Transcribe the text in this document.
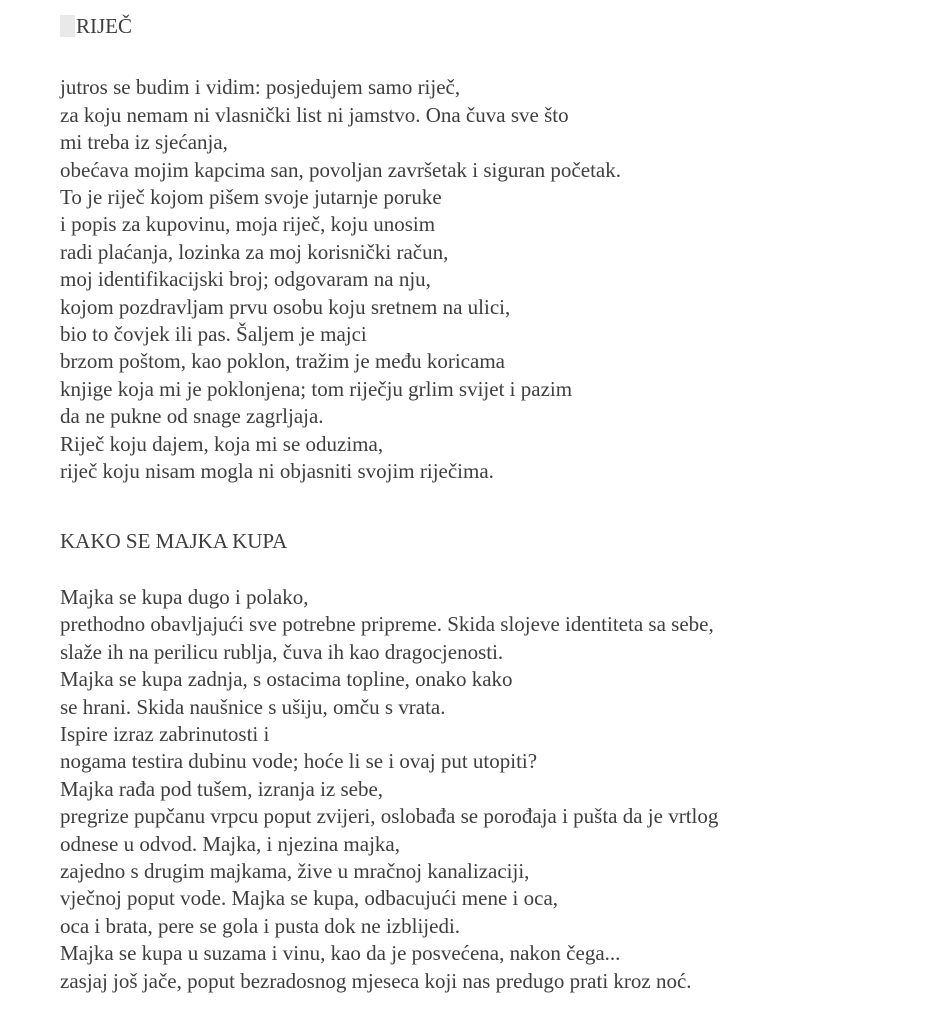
RIJEČ
jutros se budim i vidim: posjedujem samo riječ,
za koju nemam ni vlasnički list ni jamstvo. Ona čuva sve što
mi treba iz sjećanja,
obećava mojim kapcima san, povoljan završetak i siguran početak.
To je riječ kojom pišem svoje jutarnje poruke
i popis za kupovinu, moja riječ, koju unosim
radi plaćanja, lozinka za moj korisnički račun,
moj identifikacijski broj; odgovaram na nju,
kojom pozdravljam prvu osobu koju sretnem na ulici,
bio to čovjek ili pas. Šaljem je majci
brzom poštom, kao poklon, tražim je među koricama
knjige koja mi je poklonjena; tom riječju grlim svijet i pazim
da ne pukne od snage zagrljaja.
Riječ koju dajem, koja mi se oduzima,
riječ koju nisam mogla ni objasniti svojim riječima.
KAKO SE MAJKA KUPA
Majka se kupa dugo i polako,
prethodno obavljajući sve potrebne pripreme. Skida slojeve identiteta sa sebe,
slaže ih na perilicu rublja, čuva ih kao dragocjenosti.
Majka se kupa zadnja, s ostacima topline, onako kako
se hrani. Skida naušnice s ušiju, omču s vrata.
Ispire izraz zabrinutosti i
nogama testira dubinu vode; hoće li se i ovaj put utopiti?
Majka rađa pod tušem, izranja iz sebe,
pregrize pupčanu vrpcu poput zvijeri, oslobađa se porođaja i pušta da je vrtlog
odnese u odvod. Majka, i njezina majka,
zajedno s drugim majkama, žive u mračnoj kanalizaciji,
vječnoj poput vode. Majka se kupa, odbacujući mene i oca,
oca i brata, pere se gola i pusta dok ne izblijedi.
Majka se kupa u suzama i vinu, kao da je posvećena, nakon čega...
zasjaj još jače, poput bezradosnog mjeseca koji nas predugo prati kroz noć.
